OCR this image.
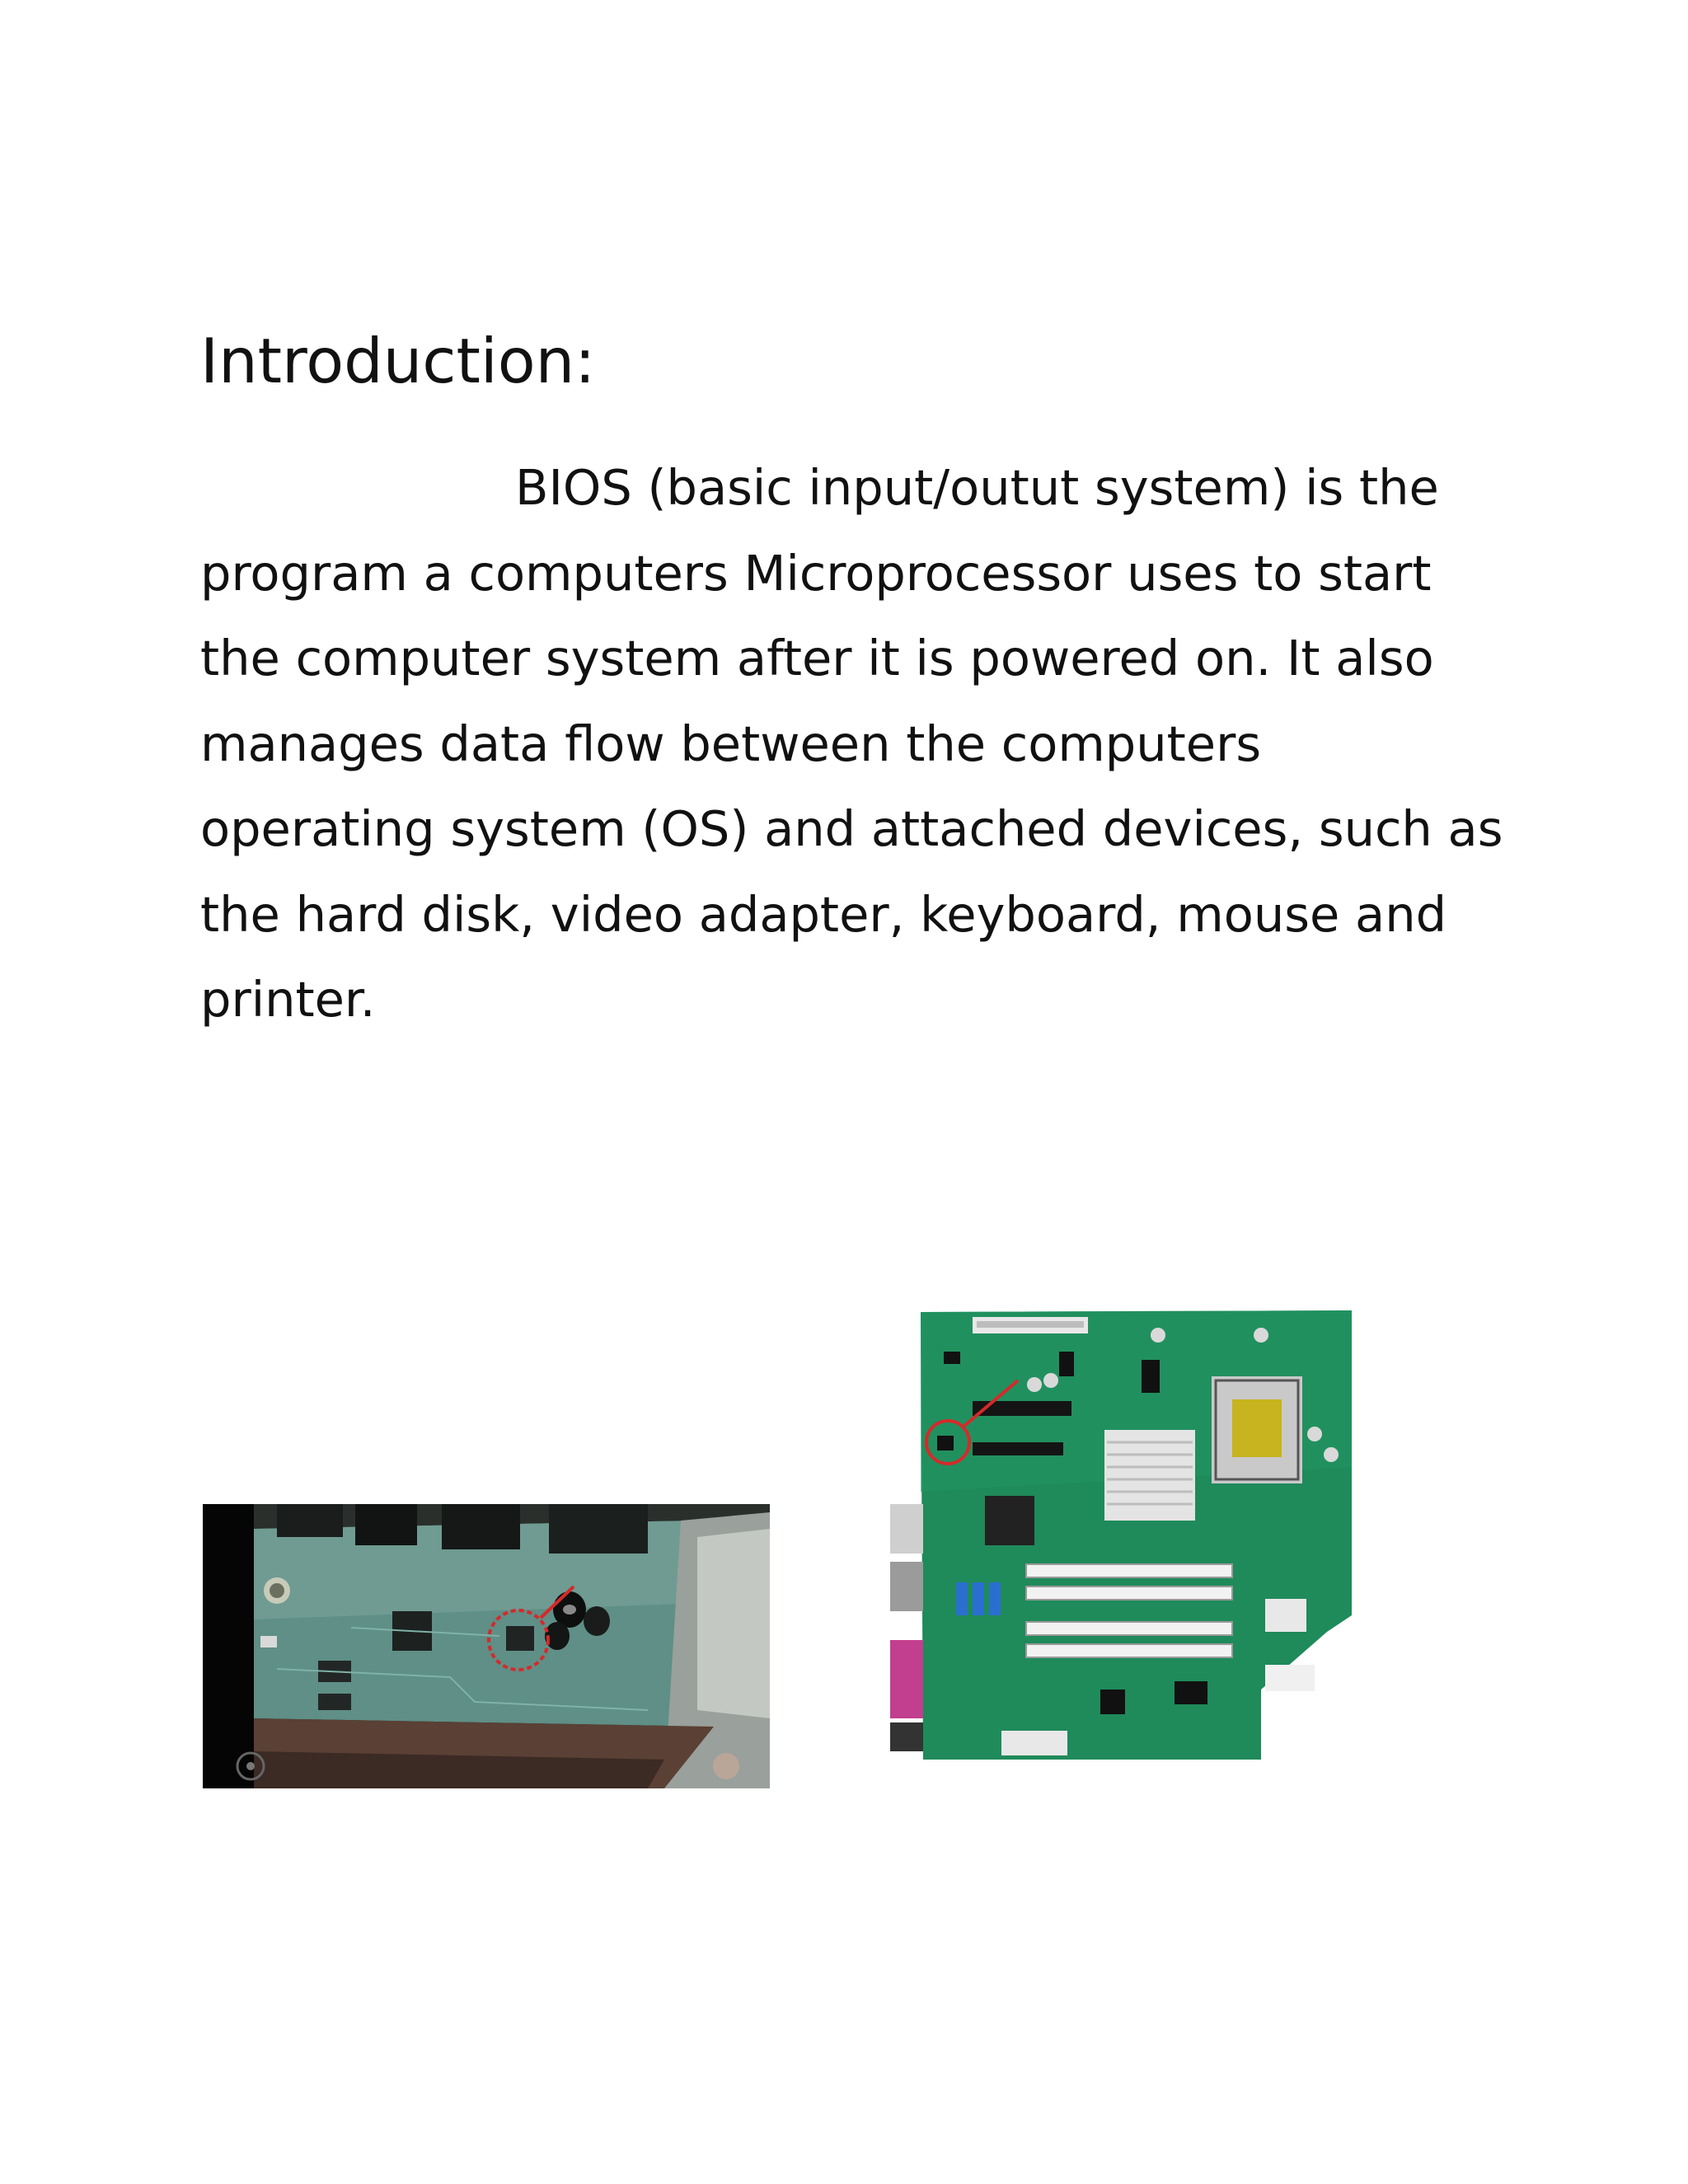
Introduction:

BIOS (basic input/outut system) is the
program a computers Microprocessor uses to start
the computer system after it is powered on. It also
manages data flow between the computers
operating system (OS) and attached devices, such as
the hard disk, video adapter, keyboard, mouse and
printer.
